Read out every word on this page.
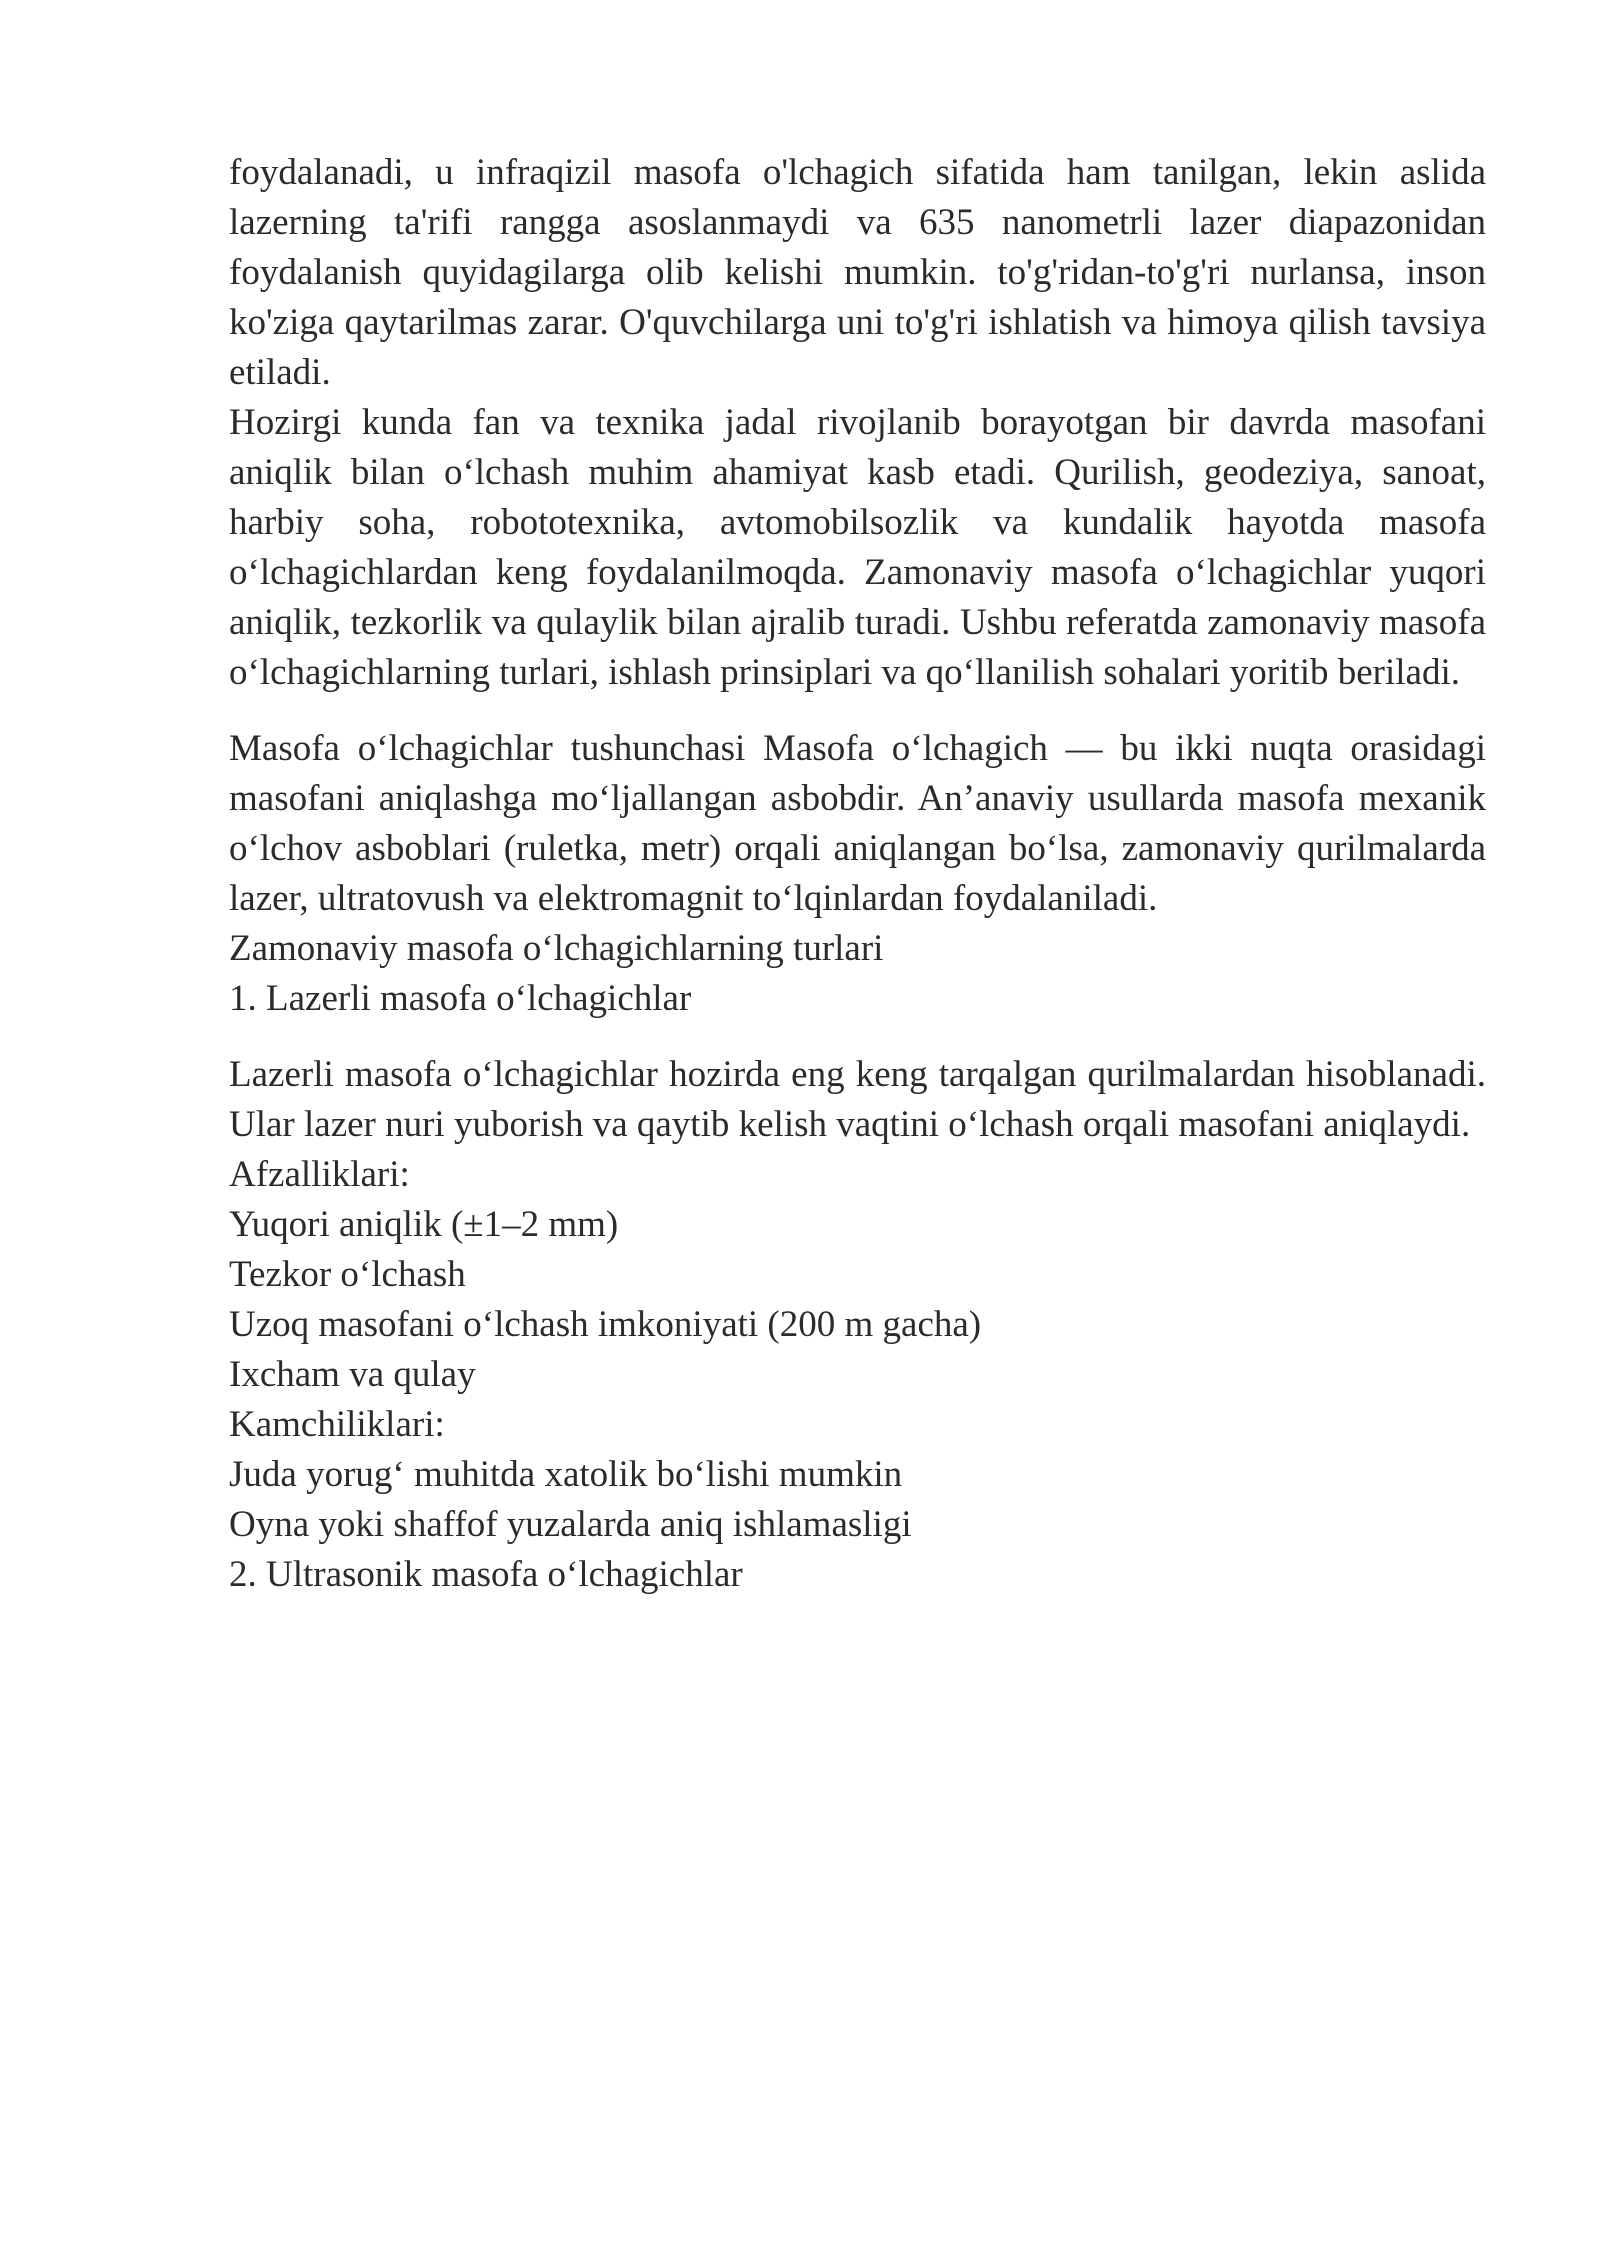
foydalanadi, u infraqizil masofa o'lchagich sifatida ham tanilgan, lekin aslida lazerning ta'rifi rangga asoslanmaydi va 635 nanometrli lazer diapazonidan foydalanish quyidagilarga olib kelishi mumkin. to'g'ridan-to'g'ri nurlansa, inson ko'ziga qaytarilmas zarar. O'quvchilarga uni to'g'ri ishlatish va himoya qilish tavsiya etiladi.

Hozirgi kunda fan va texnika jadal rivojlanib borayotgan bir davrda masofani aniqlik bilan oʻlchash muhim ahamiyat kasb etadi. Qurilish, geodeziya, sanoat, harbiy soha, robototexnika, avtomobilsozlik va kundalik hayotda masofa oʻlchagichlardan keng foydalanilmoqda. Zamonaviy masofa oʻlchagichlar yuqori aniqlik, tezkorlik va qulaylik bilan ajralib turadi. Ushbu referatda zamonaviy masofa oʻlchagichlarning turlari, ishlash prinsiplari va qoʻllanilish sohalari yoritib beriladi.

Masofa oʻlchagichlar tushunchasi Masofa oʻlchagich — bu ikki nuqta orasidagi masofani aniqlashga moʻljallangan asbobdir. An’anaviy usullarda masofa mexanik oʻlchov asboblari (ruletka, metr) orqali aniqlangan boʻlsa, zamonaviy qurilmalarda lazer, ultratovush va elektromagnit toʻlqinlardan foydalaniladi.

Zamonaviy masofa oʻlchagichlarning turlari

1. Lazerli masofa oʻlchagichlar

Lazerli masofa oʻlchagichlar hozirda eng keng tarqalgan qurilmalardan hisoblanadi. Ular lazer nuri yuborish va qaytib kelish vaqtini oʻlchash orqali masofani aniqlaydi.

Afzalliklari:

Yuqori aniqlik (±1–2 mm)

Tezkor oʻlchash

Uzoq masofani oʻlchash imkoniyati (200 m gacha)

Ixcham va qulay

Kamchiliklari:

Juda yorugʻ muhitda xatolik boʻlishi mumkin

Oyna yoki shaffof yuzalarda aniq ishlamasligi

2. Ultrasonik masofa oʻlchagichlar
